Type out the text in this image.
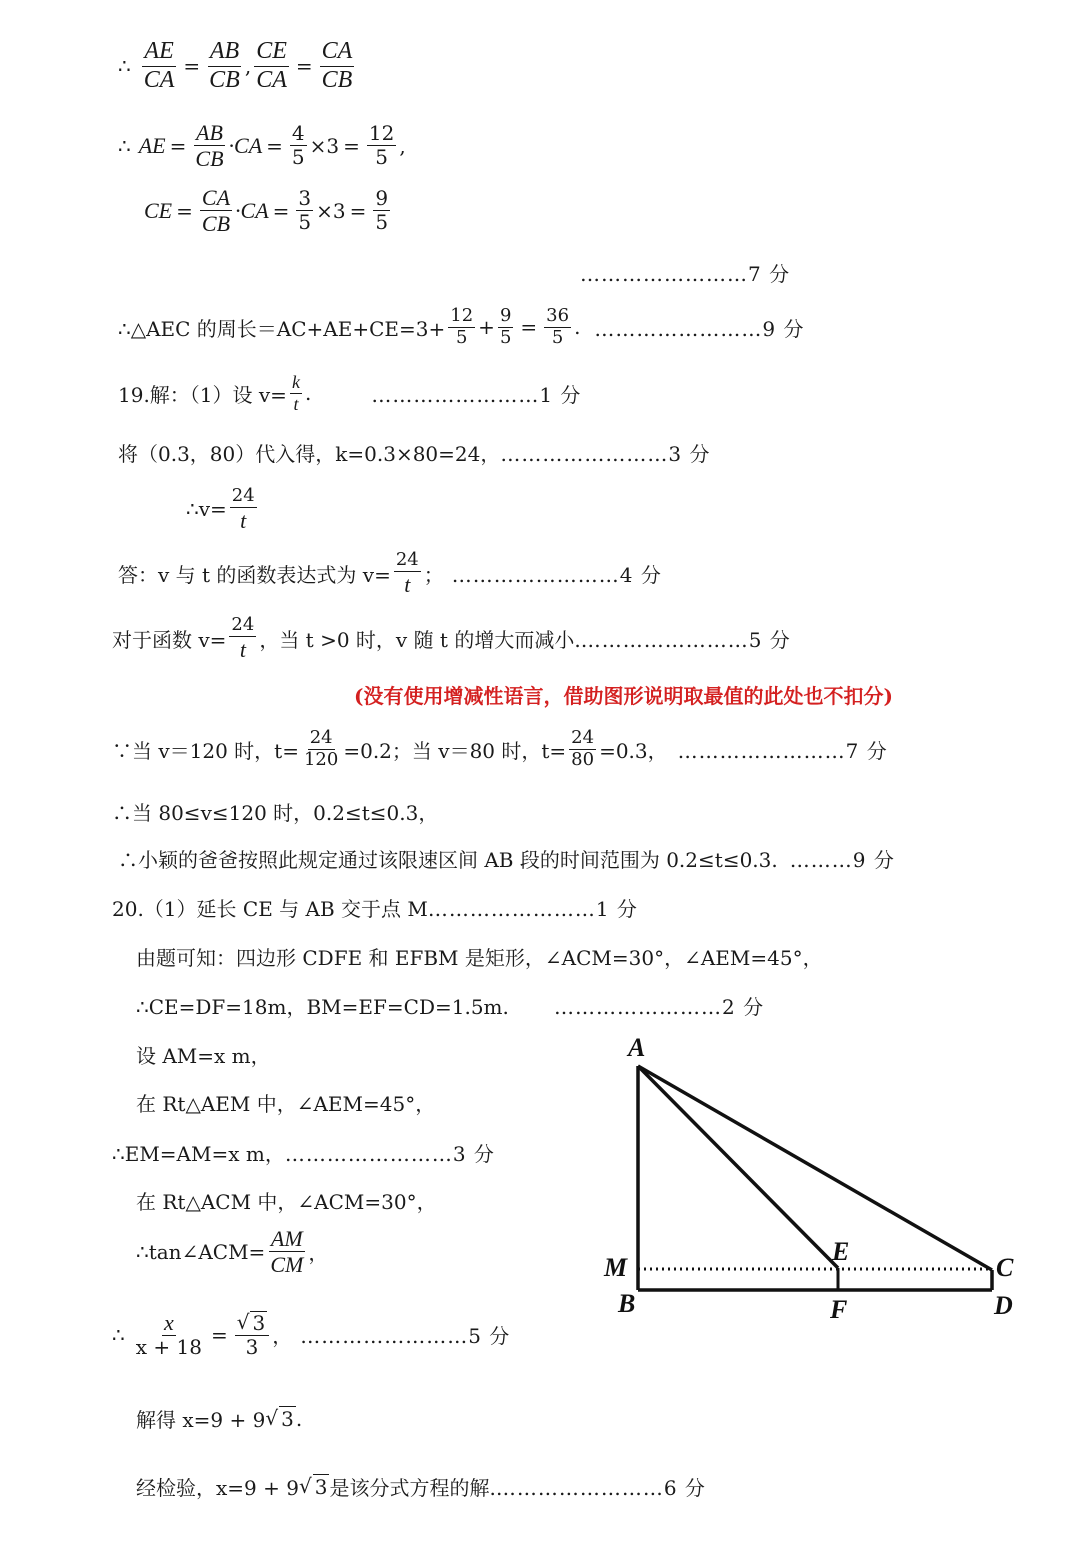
∴ $\frac{AE}{CA} = \frac{AB}{CB}$ , $\frac{CE}{CA} = \frac{CA}{CB}$
∴ AE = $\frac{AB}{CB} \cdot CA = \frac{4}{5} \times 3 = \frac{12}{5}$ ,
CE = $\frac{CA}{CB} \cdot CA = \frac{3}{5} \times 3 = \frac{9}{5}$
……………………7 分
∴△AEC 的周长$=AC+AE+CE=3+ \frac{12}{5} + \frac{9}{5} = \frac{36}{5}$ . ……………………9 分
19.解：（1）设 $v= \frac{k}{t}$ .	……………………1 分
将（0.3，80）代入得，k=0.3×80=24， ……………………3 分
∴v= $\frac{24}{t}$
答：v 与 t 的函数表达式为 $v= \frac{24}{t}$ ； ……………………4 分
对于函数 $v= \frac{24}{t}$ ，当 t >0 时，v 随 t 的增大而减小. ……………………5 分
(没有使用增减性语言，借助图形说明取最值的此处也不扣分)
∵当 v＝120 时，$t= \frac{24}{120} =0.2$；当 v＝80 时，$t= \frac{24}{80} =0.3$， ……………………7 分
∴当 80≤v≤120 时，0.2≤t≤0.3，
∴小颖的爸爸按照此规定通过该限速区间 AB 段的时间范围为 0.2≤t≤0.3. ………9 分
20.（1）延长 CE 与 AB 交于点 M ……………………1 分
由题可知：四边形 CDFE 和 EFBM 是矩形，∠ACM=30°，∠AEM=45°，
∴CE=DF=18m，BM=EF=CD=1.5m. ……………………2 分
设 AM=x m，
在 Rt△AEM 中，∠AEM=45°，
∴EM=AM=x m， ……………………3 分
在 Rt△ACM 中，∠ACM=30°，
∴tan∠ACM= $\frac{AM}{CM}$ ，
∴ $\frac{x}{x + 18} = \frac{√ 3}{3}$ ， ……………………5 分
解得 x=9 + 9 √ 3 .
经检验，x=9 + 9 √ 3 是该分式方程的解. ……………………6 分
A
M
B
E
F
C
D
